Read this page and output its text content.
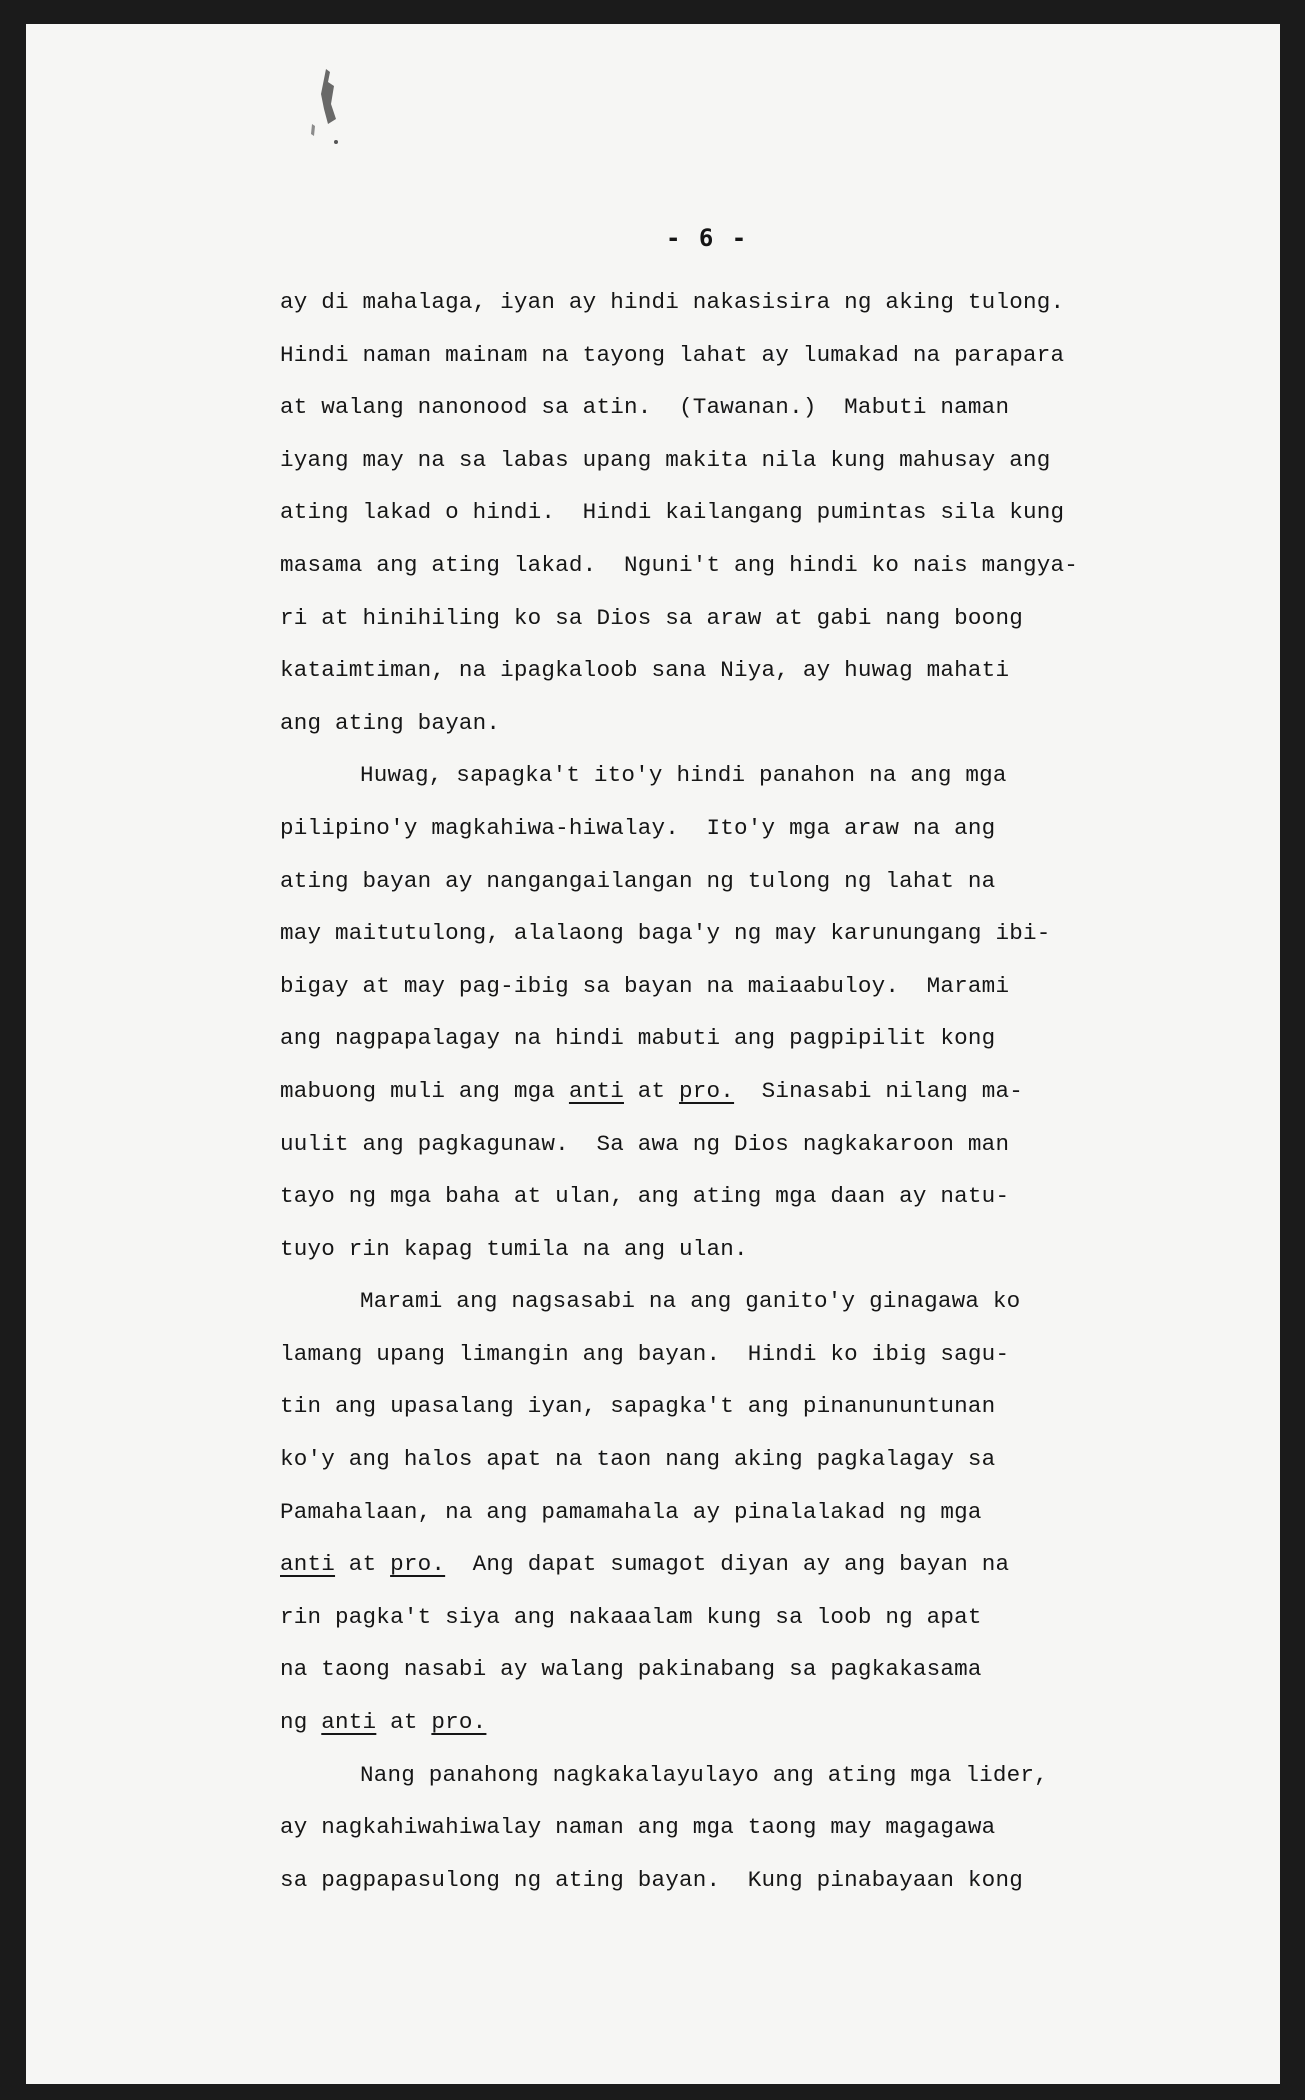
- 6 -
ay di mahalaga, iyan ay hindi nakasisira ng aking tulong.
Hindi naman mainam na tayong lahat ay lumakad na parapara
at walang nanonood sa atin.  (Tawanan.)  Mabuti naman
iyang may na sa labas upang makita nila kung mahusay ang
ating lakad o hindi.  Hindi kailangang pumintas sila kung
masama ang ating lakad.  Nguni't ang hindi ko nais mangya-
ri at hinihiling ko sa Dios sa araw at gabi nang boong
kataimtiman, na ipagkaloob sana Niya, ay huwag mahati
ang ating bayan.
Huwag, sapagka't ito'y hindi panahon na ang mga
pilipino'y magkahiwa-hiwalay.  Ito'y mga araw na ang
ating bayan ay nangangailangan ng tulong ng lahat na
may maitutulong, alalaong baga'y ng may karunungang ibi-
bigay at may pag-ibig sa bayan na maiaabuloy.  Marami
ang nagpapalagay na hindi mabuti ang pagpipilit kong
mabuong muli ang mga anti at pro.  Sinasabi nilang ma-
uulit ang pagkagunaw.  Sa awa ng Dios nagkakaroon man
tayo ng mga baha at ulan, ang ating mga daan ay natu-
tuyo rin kapag tumila na ang ulan.
Marami ang nagsasabi na ang ganito'y ginagawa ko
lamang upang limangin ang bayan.  Hindi ko ibig sagu-
tin ang upasalang iyan, sapagka't ang pinanununtunan
ko'y ang halos apat na taon nang aking pagkalagay sa
Pamahalaan, na ang pamamahala ay pinalalakad ng mga
anti at pro.  Ang dapat sumagot diyan ay ang bayan na
rin pagka't siya ang nakaaalam kung sa loob ng apat
na taong nasabi ay walang pakinabang sa pagkakasama
ng anti at pro.
Nang panahong nagkakalayulayo ang ating mga lider,
ay nagkahiwahiwalay naman ang mga taong may magagawa
sa pagpapasulong ng ating bayan.  Kung pinabayaan kong
